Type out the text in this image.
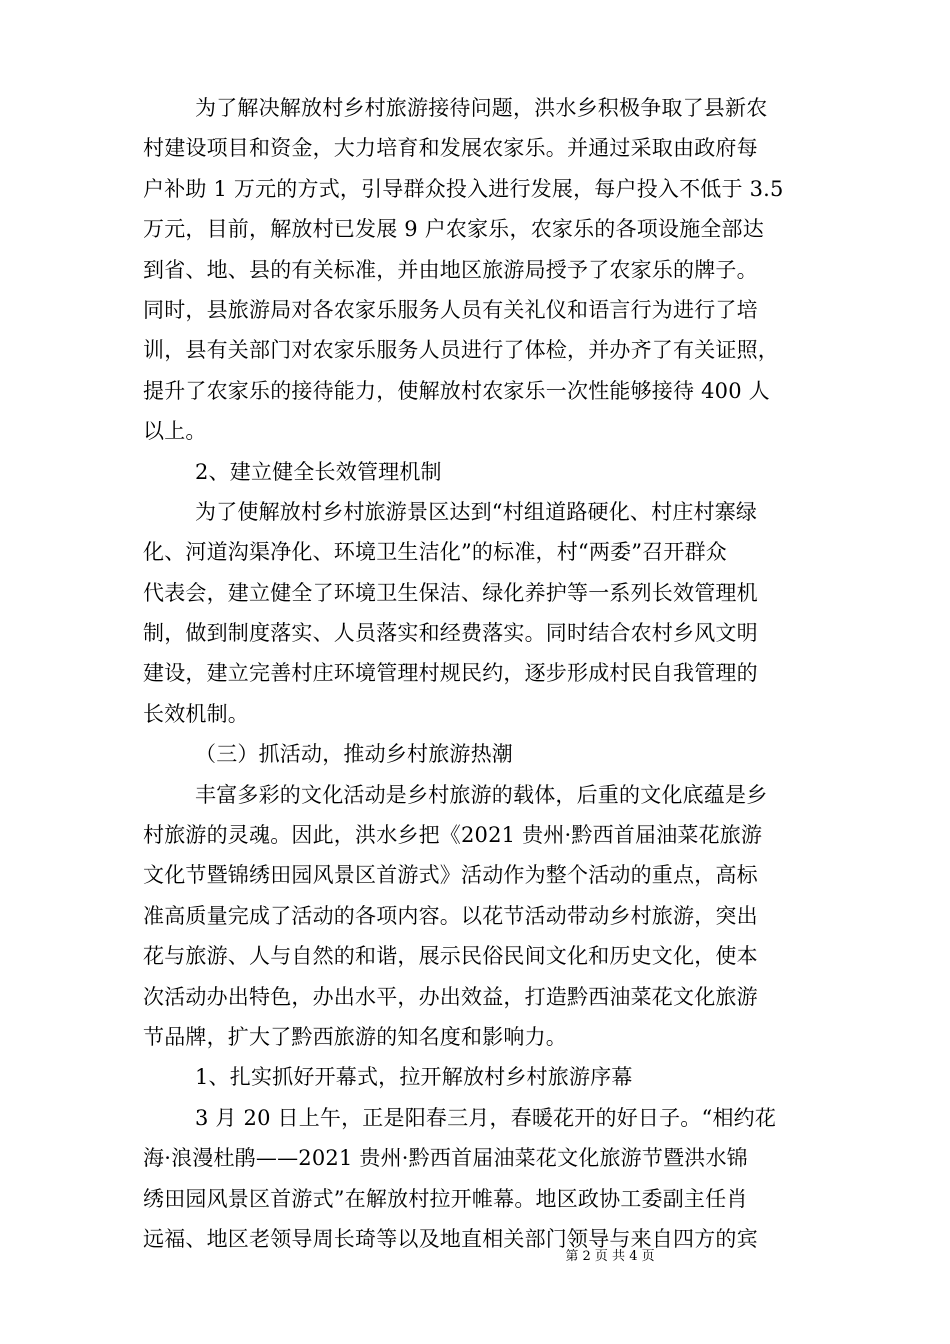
为了解决解放村乡村旅游接待问题，洪水乡积极争取了县新农
村建设项目和资金，大力培育和发展农家乐。并通过采取由政府每
户补助 1 万元的方式，引导群众投入进行发展，每户投入不低于 3.5
万元，目前，解放村已发展 9 户农家乐，农家乐的各项设施全部达
到省、地、县的有关标准，并由地区旅游局授予了农家乐的牌子。
同时，县旅游局对各农家乐服务人员有关礼仪和语言行为进行了培
训，县有关部门对农家乐服务人员进行了体检，并办齐了有关证照，
提升了农家乐的接待能力，使解放村农家乐一次性能够接待 400 人
以上。
2、建立健全长效管理机制
为了使解放村乡村旅游景区达到“村组道路硬化、村庄村寨绿
化、河道沟渠净化、环境卫生洁化”的标准，村“两委”召开群众
代表会，建立健全了环境卫生保洁、绿化养护等一系列长效管理机
制，做到制度落实、人员落实和经费落实。同时结合农村乡风文明
建设，建立完善村庄环境管理村规民约，逐步形成村民自我管理的
长效机制。
（三）抓活动，推动乡村旅游热潮
丰富多彩的文化活动是乡村旅游的载体，后重的文化底蕴是乡
村旅游的灵魂。因此，洪水乡把《2021 贵州·黔西首届油菜花旅游
文化节暨锦绣田园风景区首游式》活动作为整个活动的重点，高标
准高质量完成了活动的各项内容。以花节活动带动乡村旅游，突出
花与旅游、人与自然的和谐，展示民俗民间文化和历史文化，使本
次活动办出特色，办出水平，办出效益，打造黔西油菜花文化旅游
节品牌，扩大了黔西旅游的知名度和影响力。
1、扎实抓好开幕式，拉开解放村乡村旅游序幕
3 月 20 日上午，正是阳春三月，春暖花开的好日子。“相约花
海·浪漫杜鹃——2021 贵州·黔西首届油菜花文化旅游节暨洪水锦
绣田园风景区首游式”在解放村拉开帷幕。地区政协工委副主任肖
远福、地区老领导周长琦等以及地直相关部门领导与来自四方的宾
第 2 页 共 4 页
